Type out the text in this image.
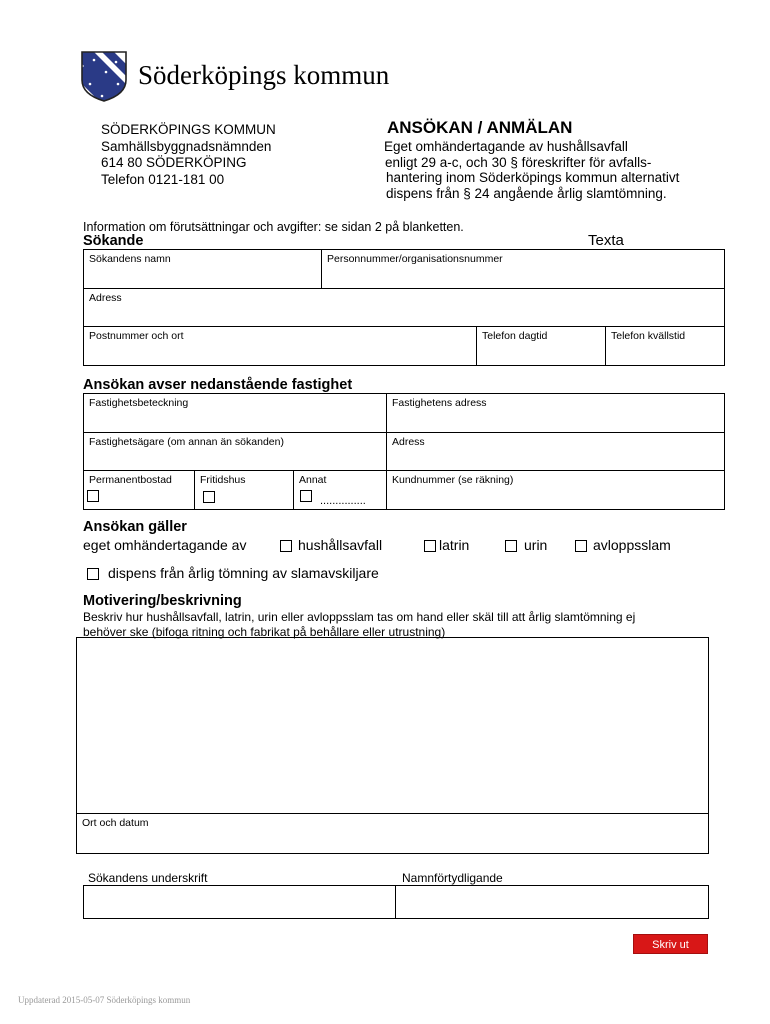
Söderköpings kommun
SÖDERKÖPINGS KOMMUN
Samhällsbyggnadsnämnden
614 80 SÖDERKÖPING
Telefon 0121-181 00
ANSÖKAN / ANMÄLAN
Eget omhändertagande av hushållsavfall
enligt 29 a-c, och 30 § föreskrifter för avfalls-
hantering inom Söderköpings kommun alternativt
dispens från § 24 angående årlig slamtömning.
Information om förutsättningar och avgifter: se sidan 2 på blanketten.
Sökande	Texta
Sökandens namn	Personnummer/organisationsnummer
Adress
Postnummer och ort	Telefon dagtid	Telefon kvällstid
Ansökan avser nedanstående fastighet
Fastighetsbeteckning	Fastighetens adress
Fastighetsägare (om annan än sökanden)	Adress
Permanentbostad	Fritidshus	Annat	Kundnummer (se räkning)
...............
Ansökan gäller
eget omhändertagande av	hushållsavfall	latrin	urin	avloppsslam
dispens från årlig tömning av slamavskiljare
Motivering/beskrivning
Beskriv hur hushållsavfall, latrin, urin eller avloppsslam tas om hand eller skäl till att årlig slamtömning ej
behöver ske (bifoga ritning och fabrikat på behållare eller utrustning)
Ort och datum
Sökandens underskrift	Namnförtydligande
Skriv ut
Uppdaterad 2015-05-07 Söderköpings kommun
